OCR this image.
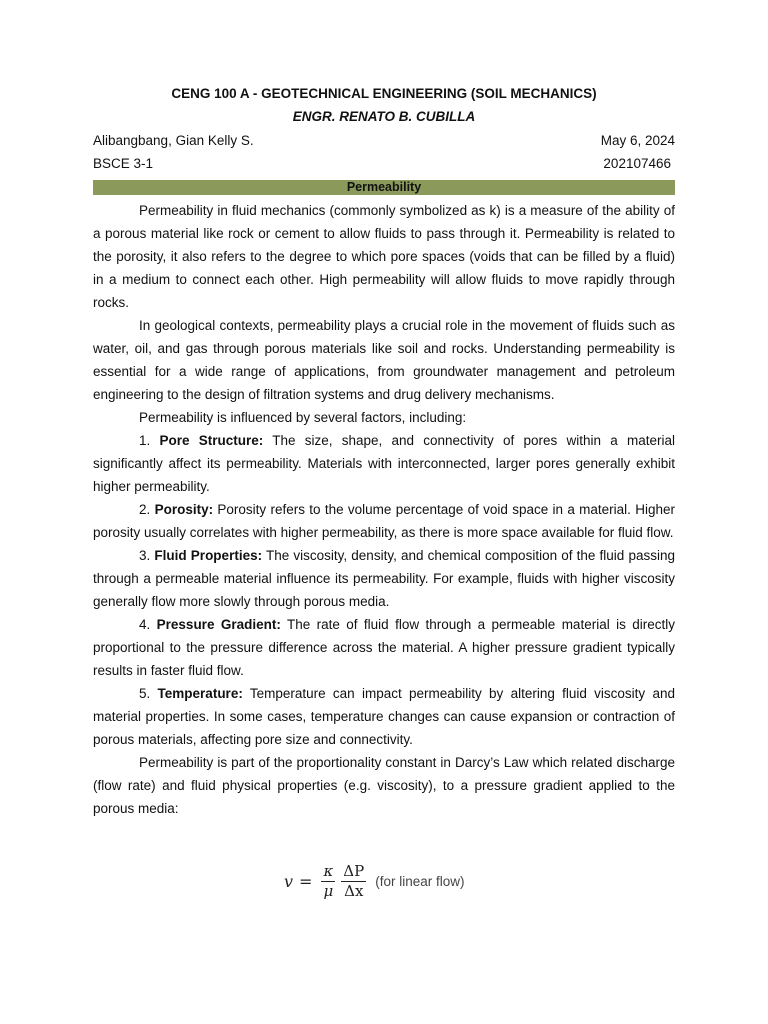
CENG 100 A - GEOTECHNICAL ENGINEERING (SOIL MECHANICS)
ENGR. RENATO B. CUBILLA
Alibangbang, Gian Kelly S.	May 6, 2024
BSCE 3-1	202107466
Permeability

Permeability in fluid mechanics (commonly symbolized as k) is a measure of the ability of a porous material like rock or cement to allow fluids to pass through it. Permeability is related to the porosity, it also refers to the degree to which pore spaces (voids that can be filled by a fluid) in a medium to connect each other. High permeability will allow fluids to move rapidly through rocks.

In geological contexts, permeability plays a crucial role in the movement of fluids such as water, oil, and gas through porous materials like soil and rocks. Understanding permeability is essential for a wide range of applications, from groundwater management and petroleum engineering to the design of filtration systems and drug delivery mechanisms.

Permeability is influenced by several factors, including:

1. Pore Structure: The size, shape, and connectivity of pores within a material significantly affect its permeability. Materials with interconnected, larger pores generally exhibit higher permeability.

2. Porosity: Porosity refers to the volume percentage of void space in a material. Higher porosity usually correlates with higher permeability, as there is more space available for fluid flow.

3. Fluid Properties: The viscosity, density, and chemical composition of the fluid passing through a permeable material influence its permeability. For example, fluids with higher viscosity generally flow more slowly through porous media.

4. Pressure Gradient: The rate of fluid flow through a permeable material is directly proportional to the pressure difference across the material. A higher pressure gradient typically results in faster fluid flow.

5. Temperature: Temperature can impact permeability by altering fluid viscosity and material properties. In some cases, temperature changes can cause expansion or contraction of porous materials, affecting pore size and connectivity.

Permeability is part of the proportionality constant in Darcy’s Law which related discharge (flow rate) and fluid physical properties (e.g. viscosity), to a pressure gradient applied to the porous media:

$v = \frac{\kappa}{\mu} \frac{\Delta P}{\Delta x} (for$ linear flow)
